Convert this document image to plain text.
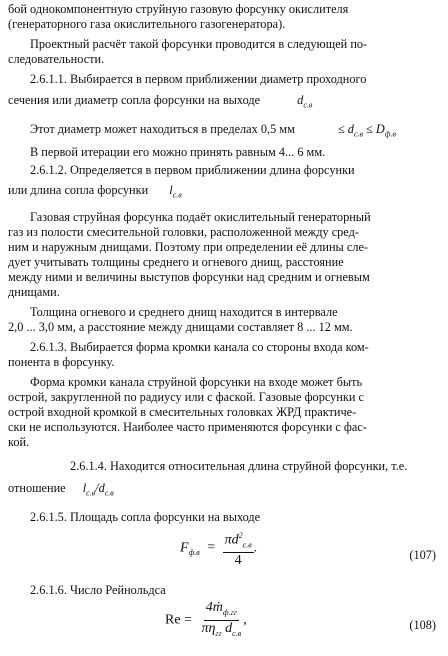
бой однокомпонентную струйную газовую форсунку окислителя
(генераторного газа окислительного газогенератора).
Проектный расчёт такой форсунки проводится в следующей по-
следовательности.
2.6.1.1. Выбирается в первом приближении диаметр проходного
сечения или диаметр сопла форсунки на выходе	$d_{с.в}$
Этот диаметр может находиться в пределах 0,5 мм	≤ $d_{с.в} \le D_{ф.в}$
В первой итерации его можно принять равным 4... 6 мм.
2.6.1.2. Определяется в первом приближении длина форсунки
или длина сопла форсунки $l_{с.в}$
Газовая струйная форсунка подаёт окислительный генераторный
газ из полости смесительной головки, расположенной между сред-
ним и наружным днищами. Поэтому при определении её длины сле-
дует учитывать толщины среднего и огневого днищ, расстояние
между ними и величины выступов форсунки над средним и огневым
днищами.
Толщина огневого и среднего днищ находится в интервале
2,0 ... 3,0 мм, а расстояние между днищами составляет 8 ... 12 мм.
2.6.1.3. Выбирается форма кромки канала со стороны входа ком-
понента в форсунку.
Форма кромки канала струйной форсунки на входе может быть
острой, закругленной по радиусу или с фаской. Газовые форсунки с
острой входной кромкой в смесительных головках ЖРД практиче-
ски не используются. Наиболее часто применяются форсунки с фас-
кой.
2.6.1.4. Находится относительная длина струйной форсунки, т.е.
отношение $l_{с.в}/d_{с.в}$
2.6.1.5. Площадь сопла форсунки на выходе
$F_{ф.в} = \frac{\pi d^2_{с.в}}{4}$ .	(107)
2.6.1.6. Число Рейнольдса
$Re = \frac{4ṁ_{ф.гг}}{\pi\eta_{гг} d_{с.в}}$ ,	(108)
